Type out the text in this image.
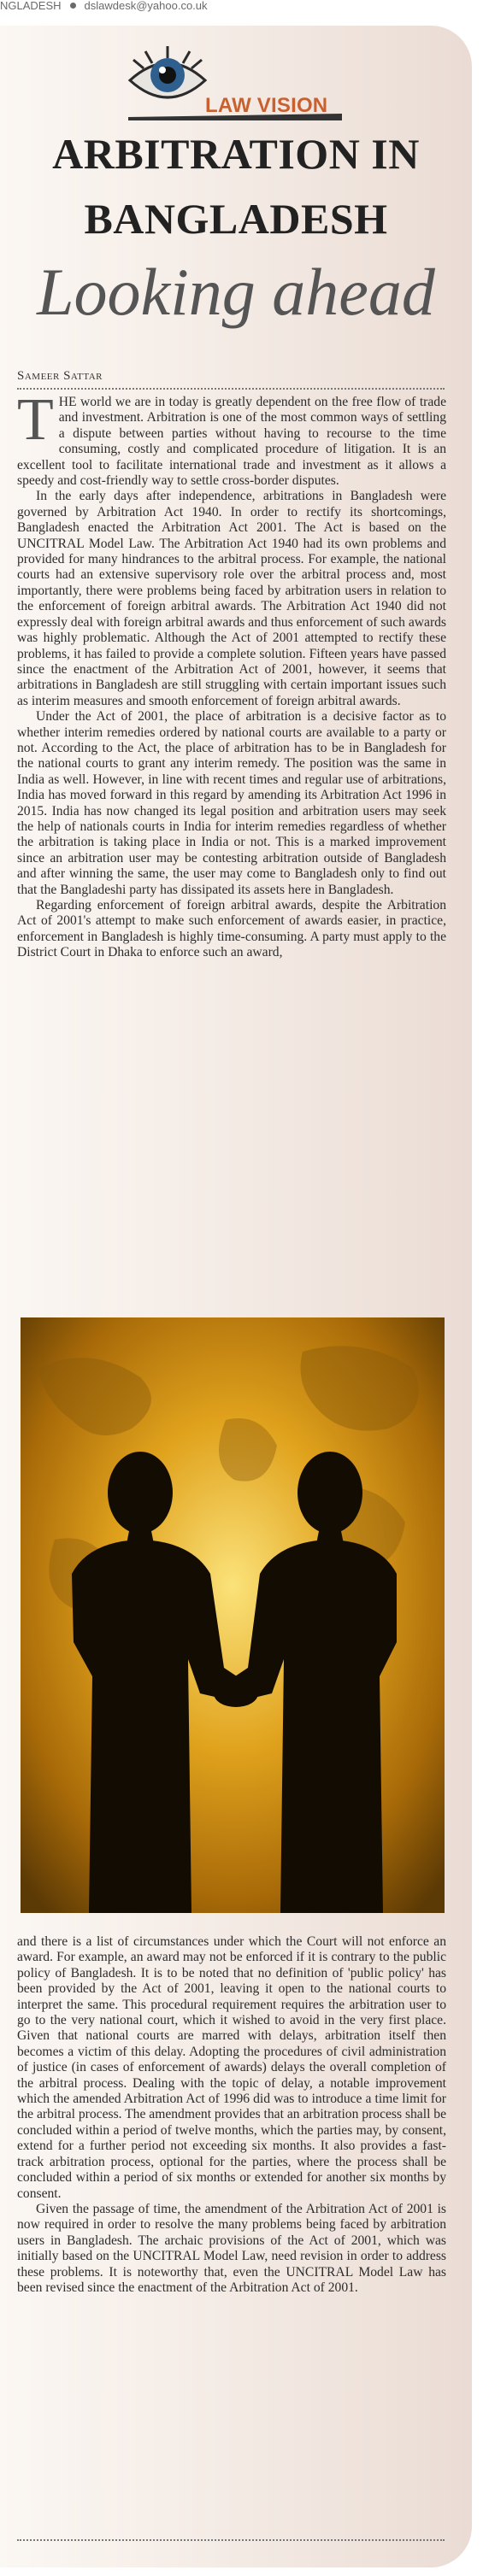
NGLADESH dslawdesk@yahoo.co.uk
LAW VISION
ARBITRATION IN
BANGLADESH
Looking ahead
Sameer Sattar

THE world we are in today is greatly dependent on the free flow of trade and investment. Arbitration is one of the most common ways of settling a dispute between parties without having to recourse to the time consuming, costly and complicated procedure of litigation. It is an excellent tool to facilitate international trade and investment as it allows a speedy and cost-friendly way to settle cross-border disputes.

In the early days after independence, arbitrations in Bangladesh were governed by Arbitration Act 1940. In order to rectify its shortcomings, Bangladesh enacted the Arbitration Act 2001. The Act is based on the UNCITRAL Model Law. The Arbitration Act 1940 had its own problems and provided for many hindrances to the arbitral process. For example, the national courts had an extensive supervisory role over the arbitral process and, most importantly, there were problems being faced by arbitration users in relation to the enforcement of foreign arbitral awards. The Arbitration Act 1940 did not expressly deal with foreign arbitral awards and thus enforcement of such awards was highly problematic. Although the Act of 2001 attempted to rectify these problems, it has failed to provide a complete solution. Fifteen years have passed since the enactment of the Arbitration Act of 2001, however, it seems that arbitrations in Bangladesh are still struggling with certain important issues such as interim measures and smooth enforcement of foreign arbitral awards.

Under the Act of 2001, the place of arbitration is a decisive factor as to whether interim remedies ordered by national courts are available to a party or not. According to the Act, the place of arbitration has to be in Bangladesh for the national courts to grant any interim remedy. The position was the same in India as well. However, in line with recent times and regular use of arbitrations, India has moved forward in this regard by amending its Arbitration Act 1996 in 2015. India has now changed its legal position and arbitration users may seek the help of nationals courts in India for interim remedies regardless of whether the arbitration is taking place in India or not. This is a marked improvement since an arbitration user may be contesting arbitration outside of Bangladesh and after winning the same, the user may come to Bangladesh only to find out that the Bangladeshi party has dissipated its assets here in Bangladesh.

Regarding enforcement of foreign arbitral awards, despite the Arbitration Act of 2001's attempt to make such enforcement of awards easier, in practice, enforcement in Bangladesh is highly time-consuming. A party must apply to the District Court in Dhaka to enforce such an award,

and there is a list of circumstances under which the Court will not enforce an award. For example, an award may not be enforced if it is contrary to the public policy of Bangladesh. It is to be noted that no definition of 'public policy' has been provided by the Act of 2001, leaving it open to the national courts to interpret the same. This procedural requirement requires the arbitration user to go to the very national court, which it wished to avoid in the very first place. Given that national courts are marred with delays, arbitration itself then becomes a victim of this delay. Adopting the procedures of civil administration of justice (in cases of enforcement of awards) delays the overall completion of the arbitral process. Dealing with the topic of delay, a notable improvement which the amended Arbitration Act of 1996 did was to introduce a time limit for the arbitral process. The amendment provides that an arbitration process shall be concluded within a period of twelve months, which the parties may, by consent, extend for a further period not exceeding six months. It also provides a fast-track arbitration process, optional for the parties, where the process shall be concluded within a period of six months or extended for another six months by consent.

Given the passage of time, the amendment of the Arbitration Act of 2001 is now required in order to resolve the many problems being faced by arbitration users in Bangladesh. The archaic provisions of the Act of 2001, which was initially based on the UNCITRAL Model Law, need revision in order to address these problems. It is noteworthy that, even the UNCITRAL Model Law has been revised since the enactment of the Arbitration Act of 2001.
